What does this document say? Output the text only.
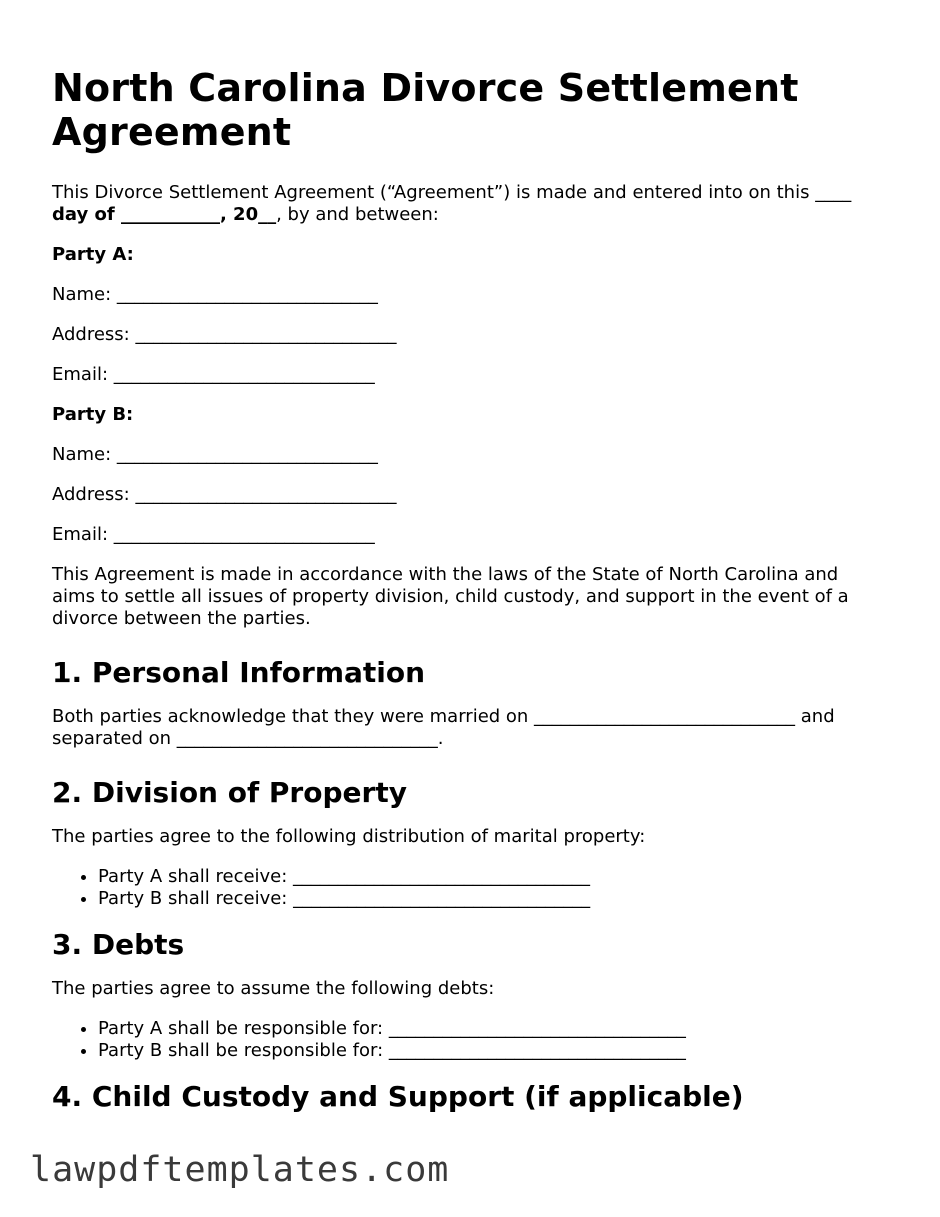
North Carolina Divorce Settlement Agreement

This Divorce Settlement Agreement (“Agreement”) is made and entered into on this ____ day of ___________, 20__, by and between:

Party A:

Name: _____________________________

Address: _____________________________

Email: _____________________________

Party B:

Name: _____________________________

Address: _____________________________

Email: _____________________________

This Agreement is made in accordance with the laws of the State of North Carolina and aims to settle all issues of property division, child custody, and support in the event of a divorce between the parties.

1. Personal Information

Both parties acknowledge that they were married on _____________________________ and separated on _____________________________.

2. Division of Property

The parties agree to the following distribution of marital property:

• Party A shall receive: _________________________________
• Party B shall receive: _________________________________
3. Debts

The parties agree to assume the following debts:

• Party A shall be responsible for: _________________________________
• Party B shall be responsible for: _________________________________
4. Child Custody and Support (if applicable)
lawpdftemplates.com
